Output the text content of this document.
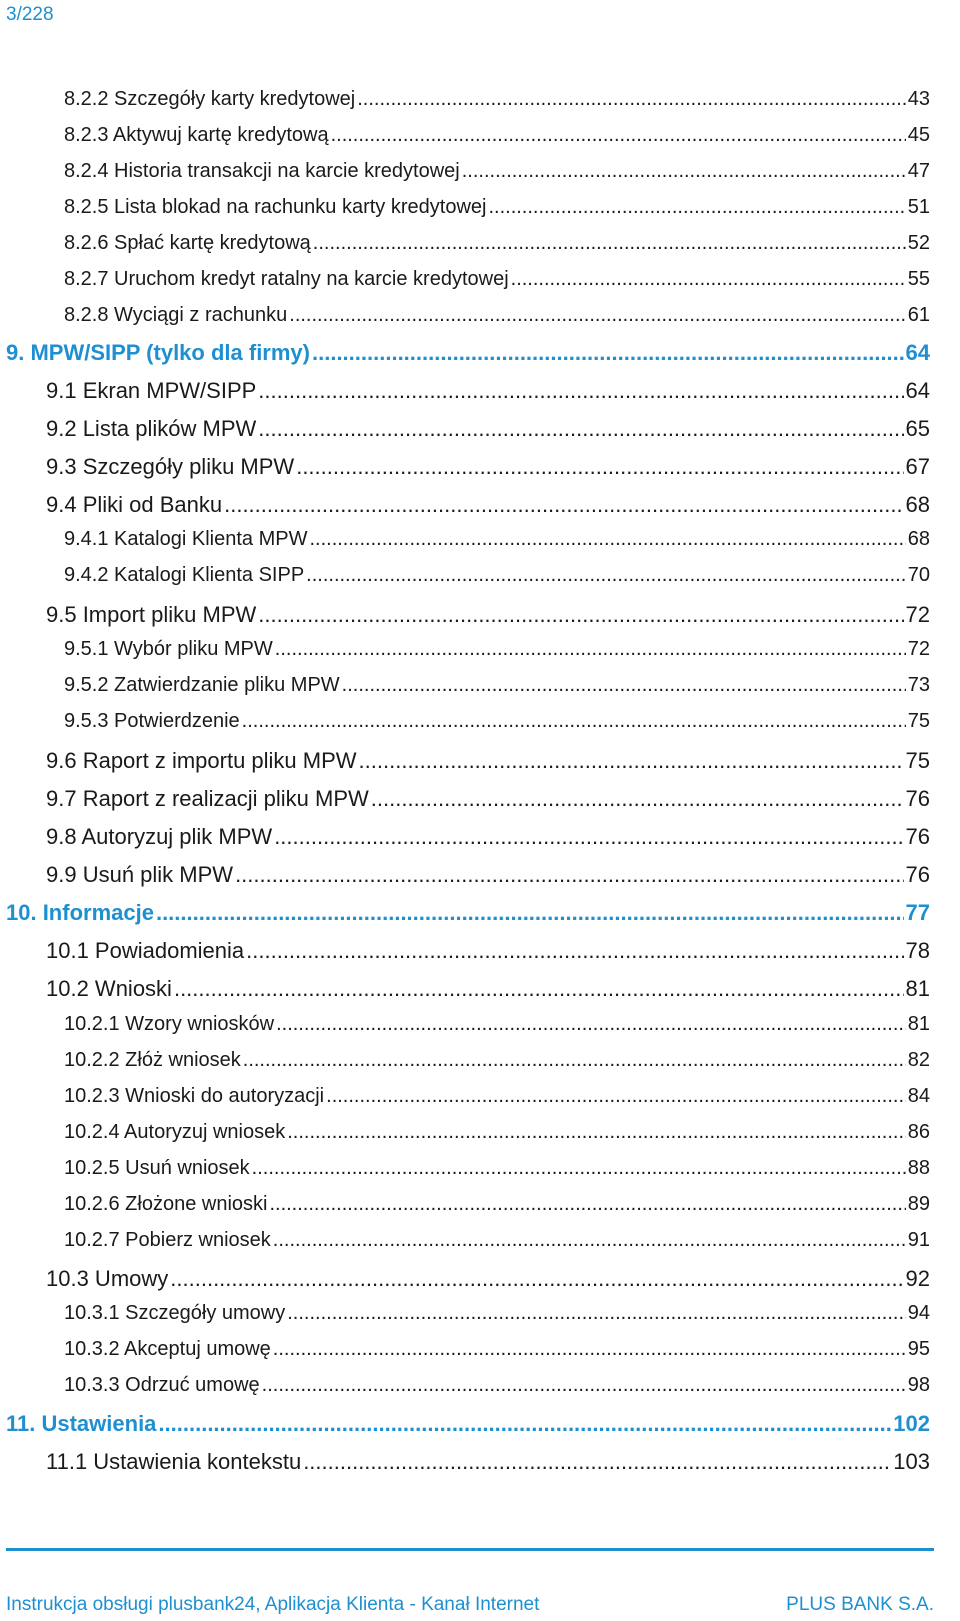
3/228
8.2.2 Szczegóły karty kredytowej .....	43
8.2.3 Aktywuj kartę kredytową .....	45
8.2.4 Historia transakcji na karcie kredytowej .....	47
8.2.5 Lista blokad na rachunku karty kredytowej .....	51
8.2.6 Spłać kartę kredytową .....	52
8.2.7 Uruchom kredyt ratalny na karcie kredytowej .....	55
8.2.8 Wyciągi z rachunku .....	61
9. MPW/SIPP (tylko dla firmy) .....	64
9.1 Ekran MPW/SIPP .....	64
9.2 Lista plików MPW .....	65
9.3 Szczegóły pliku MPW .....	67
9.4 Pliki od Banku .....	68
9.4.1 Katalogi Klienta MPW .....	68
9.4.2 Katalogi Klienta SIPP .....	70
9.5 Import pliku MPW .....	72
9.5.1 Wybór pliku MPW .....	72
9.5.2 Zatwierdzanie pliku MPW .....	73
9.5.3 Potwierdzenie .....	75
9.6 Raport z importu pliku MPW .....	75
9.7 Raport z realizacji pliku MPW .....	76
9.8 Autoryzuj plik MPW .....	76
9.9 Usuń plik MPW .....	76
10. Informacje .....	77
10.1 Powiadomienia .....	78
10.2 Wnioski .....	81
10.2.1 Wzory wniosków .....	81
10.2.2 Złóż wniosek .....	82
10.2.3 Wnioski do autoryzacji .....	84
10.2.4 Autoryzuj wniosek .....	86
10.2.5 Usuń wniosek .....	88
10.2.6 Złożone wnioski .....	89
10.2.7 Pobierz wniosek .....	91
10.3 Umowy .....	92
10.3.1 Szczegóły umowy .....	94
10.3.2 Akceptuj umowę .....	95
10.3.3 Odrzuć umowę .....	98
11. Ustawienia .....	102
11.1 Ustawienia kontekstu .....	103
Instrukcja obsługi plusbank24, Aplikacja Klienta - Kanał Internet	PLUS BANK S.A.
